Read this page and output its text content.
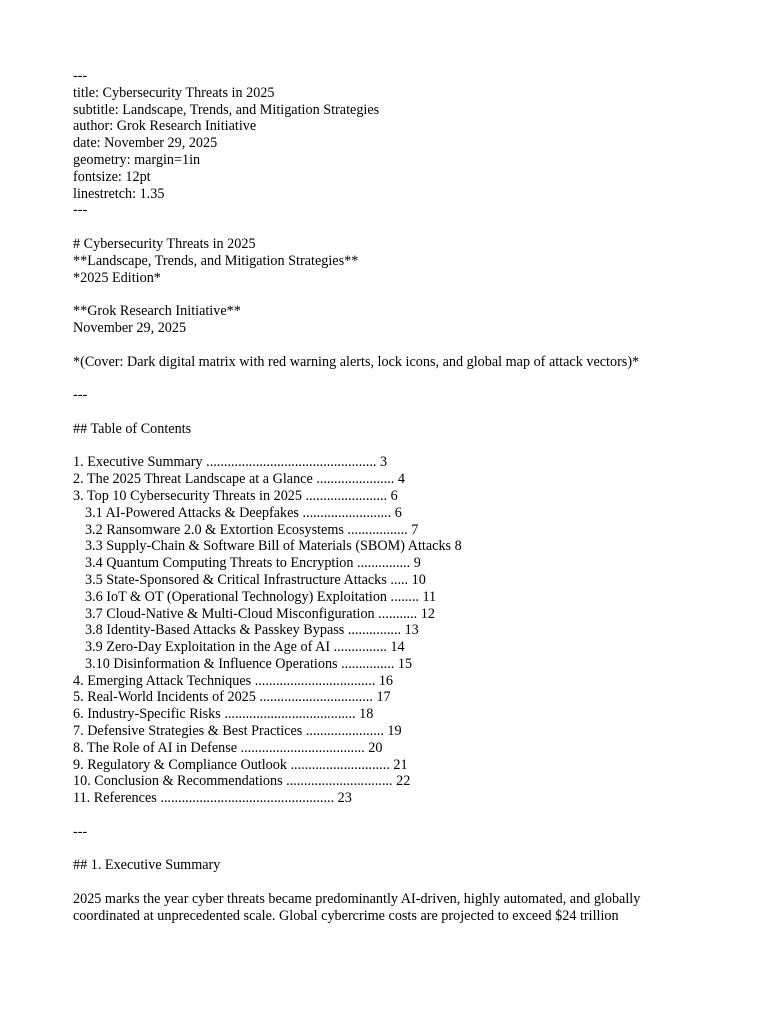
---
title: Cybersecurity Threats in 2025
subtitle: Landscape, Trends, and Mitigation Strategies
author: Grok Research Initiative
date: November 29, 2025
geometry: margin=1in
fontsize: 12pt
linestretch: 1.35
---
# Cybersecurity Threats in 2025
**Landscape, Trends, and Mitigation Strategies**
*2025 Edition*
**Grok Research Initiative**
November 29, 2025
*(Cover: Dark digital matrix with red warning alerts, lock icons, and global map of attack vectors)*
---
## Table of Contents
1. Executive Summary ................................................ 3
2. The 2025 Threat Landscape at a Glance ...................... 4
3. Top 10 Cybersecurity Threats in 2025 ....................... 6
3.1 AI-Powered Attacks & Deepfakes ......................... 6
3.2 Ransomware 2.0 & Extortion Ecosystems ................. 7
3.3 Supply-Chain & Software Bill of Materials (SBOM) Attacks 8
3.4 Quantum Computing Threats to Encryption ............... 9
3.5 State-Sponsored & Critical Infrastructure Attacks ..... 10
3.6 IoT & OT (Operational Technology) Exploitation ........ 11
3.7 Cloud-Native & Multi-Cloud Misconfiguration ........... 12
3.8 Identity-Based Attacks & Passkey Bypass ............... 13
3.9 Zero-Day Exploitation in the Age of AI ............... 14
3.10 Disinformation & Influence Operations ............... 15
4. Emerging Attack Techniques .................................. 16
5. Real-World Incidents of 2025 ................................ 17
6. Industry-Specific Risks ..................................... 18
7. Defensive Strategies & Best Practices ...................... 19
8. The Role of AI in Defense ................................... 20
9. Regulatory & Compliance Outlook ............................ 21
10. Conclusion & Recommendations .............................. 22
11. References ................................................. 23
---
## 1. Executive Summary
2025 marks the year cyber threats became predominantly AI-driven, highly automated, and globally
coordinated at unprecedented scale. Global cybercrime costs are projected to exceed $24 trillion
